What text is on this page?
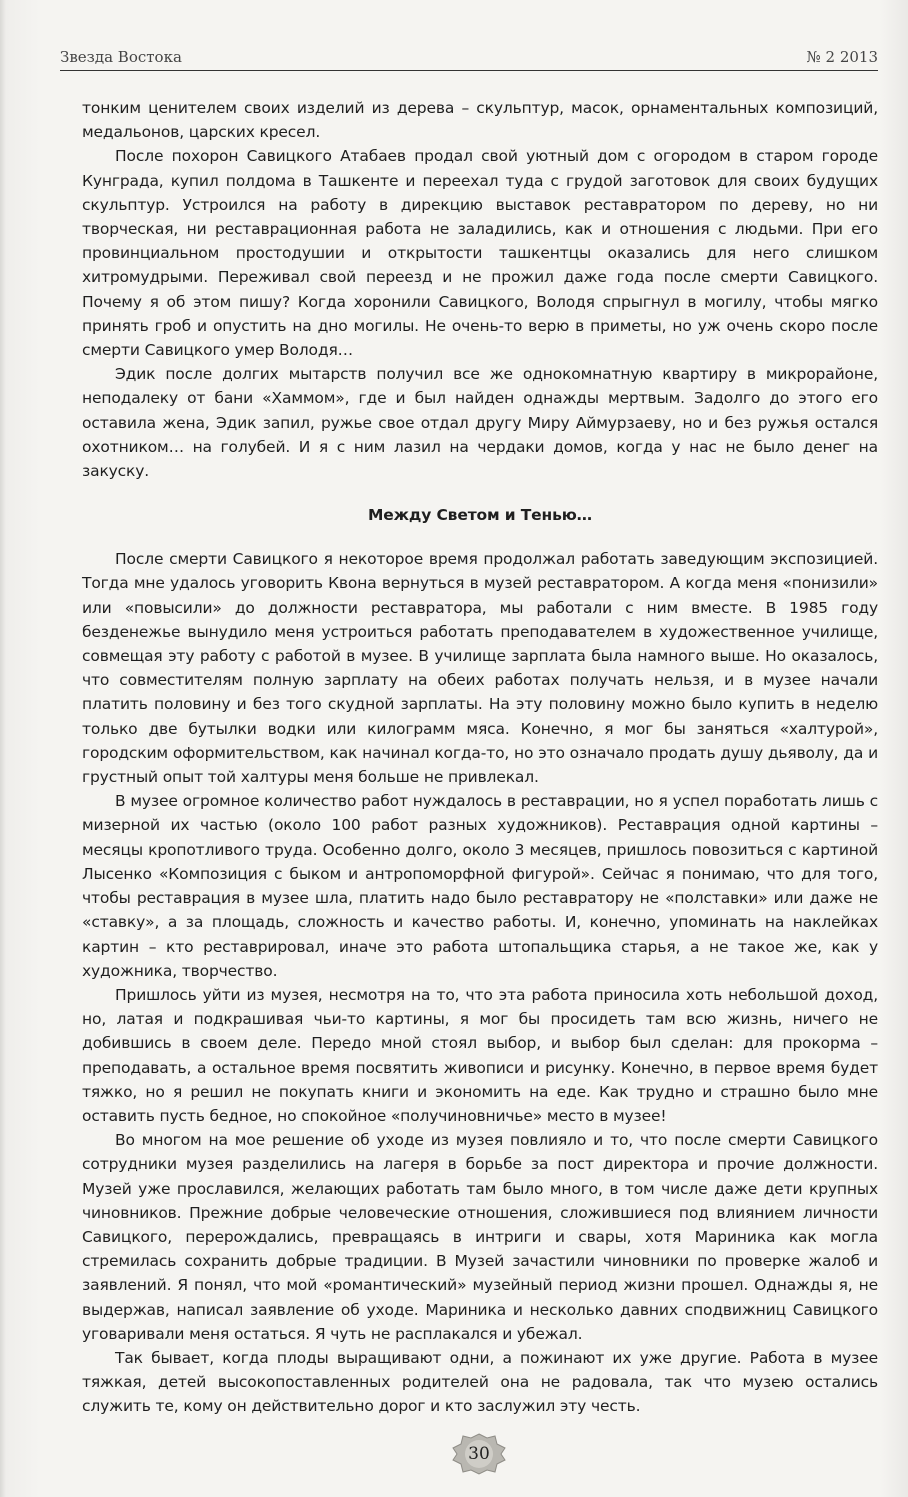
Звезда Востока	№ 2 2013

тонким ценителем своих изделий из дерева – скульптур, масок, орнаментальных композиций, медальонов, царских кресел.

После похорон Савицкого Атабаев продал свой уютный дом с огородом в старом городе Кунграда, купил полдома в Ташкенте и переехал туда с грудой заготовок для своих будущих скульптур. Устроился на работу в дирекцию выставок реставратором по дереву, но ни творческая, ни реставрационная работа не заладились, как и отношения с людьми. При его провинциальном простодушии и открытости ташкентцы оказались для него слишком хитромудрыми. Переживал свой переезд и не прожил даже года после смерти Савицкого. Почему я об этом пишу? Когда хоронили Савицкого, Володя спрыгнул в могилу, чтобы мягко принять гроб и опустить на дно могилы. Не очень-то верю в приметы, но уж очень скоро после смерти Савицкого умер Володя…

Эдик после долгих мытарств получил все же однокомнатную квартиру в микрорайоне, неподалеку от бани «Хаммом», где и был найден однажды мертвым. Задолго до этого его оставила жена, Эдик запил, ружье свое отдал другу Миру Аймурзаеву, но и без ружья остался охотником… на голубей. И я с ним лазил на чердаки домов, когда у нас не было денег на закуску.

Между Светом и Тенью…

После смерти Савицкого я некоторое время продолжал работать заведующим экспозицией. Тогда мне удалось уговорить Квона вернуться в музей реставратором. А когда меня «понизили» или «повысили» до должности реставратора, мы работали с ним вместе. В 1985 году безденежье вынудило меня устроиться работать преподавателем в художественное училище, совмещая эту работу с работой в музее. В училище зарплата была намного выше. Но оказалось, что совместителям полную зарплату на обеих работах получать нельзя, и в музее начали платить половину и без того скудной зарплаты. На эту половину можно было купить в неделю только две бутылки водки или килограмм мяса. Конечно, я мог бы заняться «халтурой», городским оформительством, как начинал когда-то, но это означало продать душу дьяволу, да и грустный опыт той халтуры меня больше не привлекал.

В музее огромное количество работ нуждалось в реставрации, но я успел поработать лишь с мизерной их частью (около 100 работ разных художников). Реставрация одной картины – месяцы кропотливого труда. Особенно долго, около 3 месяцев, пришлось повозиться с картиной Лысенко «Композиция с быком и антропоморфной фигурой». Сейчас я понимаю, что для того, чтобы реставрация в музее шла, платить надо было реставратору не «полставки» или даже не «ставку», а за площадь, сложность и качество работы. И, конечно, упоминать на наклейках картин – кто реставрировал, иначе это работа штопальщика старья, а не такое же, как у художника, творчество.

Пришлось уйти из музея, несмотря на то, что эта работа приносила хоть небольшой доход, но, латая и подкрашивая чьи-то картины, я мог бы просидеть там всю жизнь, ничего не добившись в своем деле. Передо мной стоял выбор, и выбор был сделан: для прокорма – преподавать, а остальное время посвятить живописи и рисунку. Конечно, в первое время будет тяжко, но я решил не покупать книги и экономить на еде. Как трудно и страшно было мне оставить пусть бедное, но спокойное «получиновничье» место в музее!

Во многом на мое решение об уходе из музея повлияло и то, что после смерти Савицкого сотрудники музея разделились на лагеря в борьбе за пост директора и прочие должности. Музей уже прославился, желающих работать там было много, в том числе даже дети крупных чиновников. Прежние добрые человеческие отношения, сложившиеся под влиянием личности Савицкого, перерождались, превращаясь в интриги и свары, хотя Мариника как могла стремилась сохранить добрые традиции. В Музей зачастили чиновники по проверке жалоб и заявлений. Я понял, что мой «романтический» музейный период жизни прошел. Однажды я, не выдержав, написал заявление об уходе. Мариника и несколько давних сподвижниц Савицкого уговаривали меня остаться. Я чуть не расплакался и убежал.

Так бывает, когда плоды выращивают одни, а пожинают их уже другие. Работа в музее тяжкая, детей высокопоставленных родителей она не радовала, так что музею остались служить те, кому он действительно дорог и кто заслужил эту честь.

30
